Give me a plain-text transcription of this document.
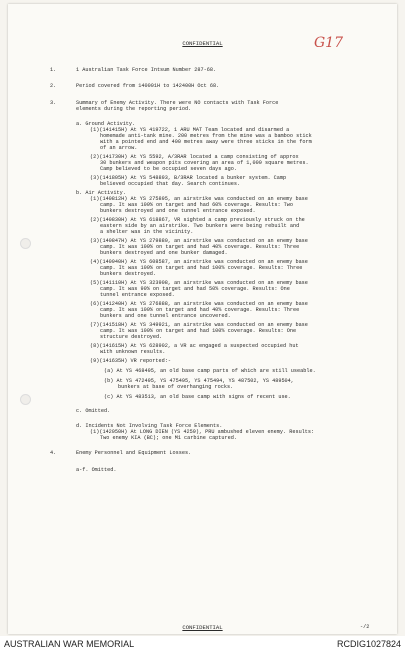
CONFIDENTIAL	G17
1.	1 Australian Task Force Intsum Number 287-68.
2.	Period covered from 140001H to 142400H Oct 68.
3.	Summary of Enemy Activity. There were NO contacts with Task Force
elements during the reporting period.
a. Ground Activity.
(1)(141415H) At YS 419722, 1 ARU MAT Team located and disarmed a
homemade anti-tank mine. 200 metres from the mine was a bamboo stick
with a pointed end and 400 metres away were three sticks in the form
of an arrow.
(2)(141730H) At YS 5592, A/3RAR located a camp consisting of approx
30 bunkers and weapon pits covering an area of 1,000 square metres.
Camp believed to be occupied seven days ago.
(3)(141805H) At YS 548893, B/3RAR located a bunker system. Camp
believed occupied that day. Search continues.
b. Air Activity.
(1)(140812H) At YS 275895, an airstrike was conducted on an enemy base
camp. It was 100% on target and had 60% coverage. Results: Two
bunkers destroyed and one tunnel entrance exposed.
(2)(140830H) At YS 618867, VR sighted a camp previously struck on the
eastern side by an airstrike. Two bunkers were being rebuilt and
a shelter was in the vicinity.
(3)(140847H) At YS 279880, an airstrike was conducted on an enemy base
camp. It was 100% on target and had 40% coverage. Results: Three
bunkers destroyed and one bunker damaged.
(4)(140940H) At YS 608587, an airstrike was conducted on an enemy base
camp. It was 100% on target and had 100% coverage. Results: Three
bunkers destroyed.
(5)(141110H) At YS 323908, an airstrike was conducted on an enemy base
camp. It was 90% on target and had 50% coverage. Results: One
tunnel entrance exposed.
(6)(141240H) At YS 276888, an airstrike was conducted on an enemy base
camp. It was 100% on target and had 40% coverage. Results: Three
bunkers and one tunnel entrance uncovered.
(7)(141518H) At YS 349921, an airstrike was conducted on an enemy base
camp. It was 100% on target and had 100% coverage. Results: One
structure destroyed.
(8)(141615H) At YS 628902, a VR ac engaged a suspected occupied hut
with unknown results.
(9)(141635H) VR reported:-
(a) At YS 468495, an old base camp parts of which are still useable.
(b) At YS 472495, YS 475495, YS 475494, YS 487502, YS 489504,
bunkers at base of overhanging rocks.
(c) At YS 483513, an old base camp with signs of recent use.
c. Omitted.
d. Incidents Not Involving Task Force Elements.
(1)(142050H) At LONG DIEN (YS 4259), PRU ambushed eleven enemy. Results:
Two enemy KIA (BC); one M1 carbine captured.
4.	Enemy Personnel and Equipment Losses.
a-f. Omitted.
CONFIDENTIAL	-/2
AUSTRALIAN WAR MEMORIAL	RCDIG1027824
